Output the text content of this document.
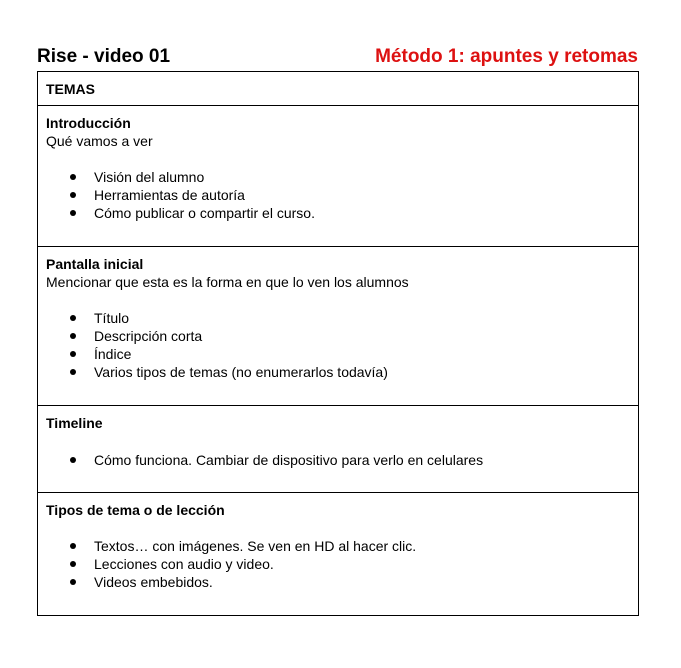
Rise - video 01	Método 1: apuntes y retomas
TEMAS

Introducción
Qué vamos a ver
Visión del alumno
Herramientas de autoría
Cómo publicar o compartir el curso.

Pantalla inicial
Mencionar que esta es la forma en que lo ven los alumnos
Título
Descripción corta
Índice
Varios tipos de temas (no enumerarlos todavía)

Timeline
Cómo funciona. Cambiar de dispositivo para verlo en celulares

Tipos de tema o de lección
Textos… con imágenes. Se ven en HD al hacer clic.
Lecciones con audio y video.
Videos embebidos.
